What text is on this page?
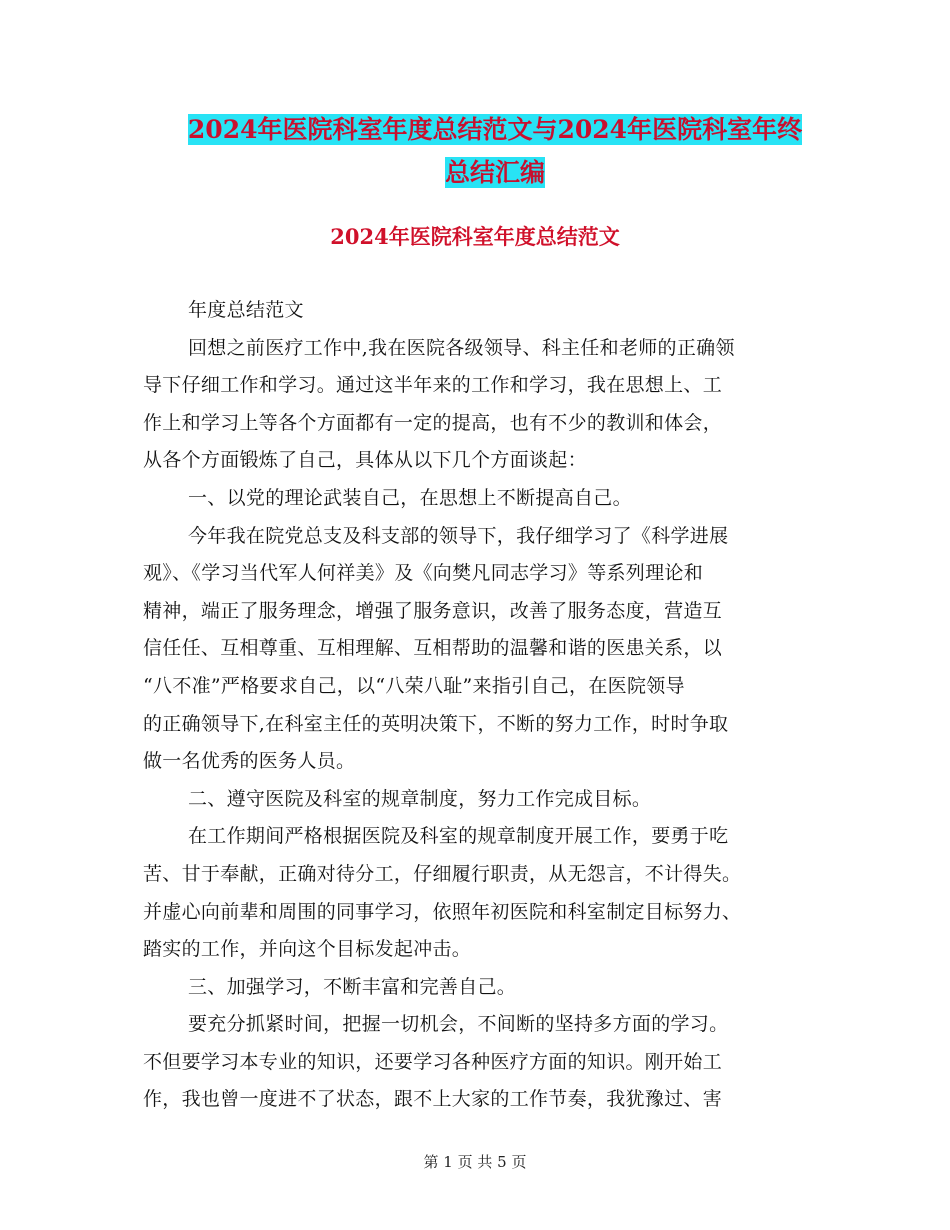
2024年医院科室年度总结范文与2024年医院科室年终
总结汇编
2024年医院科室年度总结范文
年度总结范文
回想之前医疗工作中,我在医院各级领导、科主任和老师的正确领
导下仔细工作和学习。通过这半年来的工作和学习，我在思想上、工
作上和学习上等各个方面都有一定的提高，也有不少的教训和体会，
从各个方面锻炼了自己，具体从以下几个方面谈起：
一、以党的理论武装自己，在思想上不断提高自己。
今年我在院党总支及科支部的领导下，我仔细学习了《科学进展
观》、《学习当代军人何祥美》及《向樊凡同志学习》等系列理论和
精神，端正了服务理念，增强了服务意识，改善了服务态度，营造互
信任任、互相尊重、互相理解、互相帮助的温馨和谐的医患关系，以
“八不准”严格要求自己，以“八荣八耻”来指引自己，在医院领导
的正确领导下,在科室主任的英明决策下，不断的努力工作，时时争取
做一名优秀的医务人员。
二、遵守医院及科室的规章制度，努力工作完成目标。
在工作期间严格根据医院及科室的规章制度开展工作，要勇于吃
苦、甘于奉献，正确对待分工，仔细履行职责，从无怨言，不计得失。
并虚心向前辈和周围的同事学习，依照年初医院和科室制定目标努力、
踏实的工作，并向这个目标发起冲击。
三、加强学习，不断丰富和完善自己。
要充分抓紧时间，把握一切机会，不间断的坚持多方面的学习。
不但要学习本专业的知识，还要学习各种医疗方面的知识。刚开始工
作，我也曾一度进不了状态，跟不上大家的工作节奏，我犹豫过、害
第 1 页 共 5 页
